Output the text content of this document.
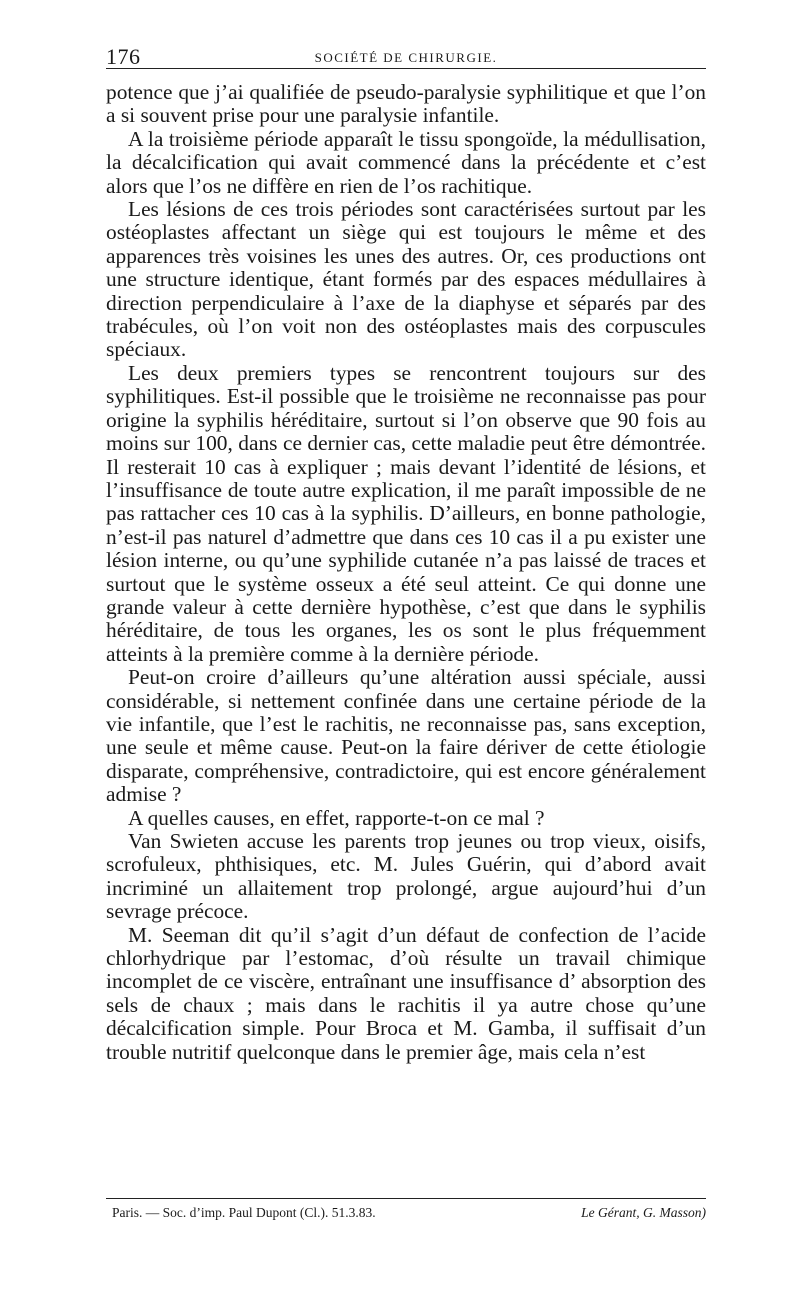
176	SOCIÉTÉ DE CHIRURGIE.

potence que j’ai qualifiée de pseudo-paralysie syphilitique et que l’on a si souvent prise pour une paralysie infantile.

A la troisième période apparaît le tissu spongoïde, la médullisation, la décalcification qui avait commencé dans la précédente et c’est alors que l’os ne diffère en rien de l’os rachitique.

Les lésions de ces trois périodes sont caractérisées surtout par les ostéoplastes affectant un siège qui est toujours le même et des apparences très voisines les unes des autres. Or, ces productions ont une structure identique, étant formés par des espaces médullaires à direction perpendiculaire à l’axe de la diaphyse et séparés par des trabécules, où l’on voit non des ostéoplastes mais des corpuscules spéciaux.

Les deux premiers types se rencontrent toujours sur des syphilitiques. Est-il possible que le troisième ne reconnaisse pas pour origine la syphilis héréditaire, surtout si l’on observe que 90 fois au moins sur 100, dans ce dernier cas, cette maladie peut être démontrée. Il resterait 10 cas à expliquer ; mais devant l’identité de lésions, et l’insuffisance de toute autre explication, il me paraît impossible de ne pas rattacher ces 10 cas à la syphilis. D’ailleurs, en bonne pathologie, n’est-il pas naturel d’admettre que dans ces 10 cas il a pu exister une lésion interne, ou qu’une syphilide cutanée n’a pas laissé de traces et surtout que le système osseux a été seul atteint. Ce qui donne une grande valeur à cette dernière hypothèse, c’est que dans le syphilis héréditaire, de tous les organes, les os sont le plus fréquemment atteints à la première comme à la dernière période.

Peut-on croire d’ailleurs qu’une altération aussi spéciale, aussi considérable, si nettement confinée dans une certaine période de la vie infantile, que l’est le rachitis, ne reconnaisse pas, sans exception, une seule et même cause. Peut-on la faire dériver de cette étiologie disparate, compréhensive, contradictoire, qui est encore généralement admise ?

A quelles causes, en effet, rapporte-t-on ce mal ?

Van Swieten accuse les parents trop jeunes ou trop vieux, oisifs, scrofuleux, phthisiques, etc. M. Jules Guérin, qui d’abord avait incriminé un allaitement trop prolongé, argue aujourd’hui d’un sevrage précoce.

M. Seeman dit qu’il s’agit d’un défaut de confection de l’acide chlorhydrique par l’estomac, d’où résulte un travail chimique incomplet de ce viscère, entraînant une insuffisance d’ absorption des sels de chaux ; mais dans le rachitis il ya autre chose qu’une décalcification simple. Pour Broca et M. Gamba, il suffisait d’un trouble nutritif quelconque dans le premier âge, mais cela n’est

Paris. — Soc. d’imp. Paul Dupont (Cl.). 51.3.83.	Le Gérant, G. Masson)
